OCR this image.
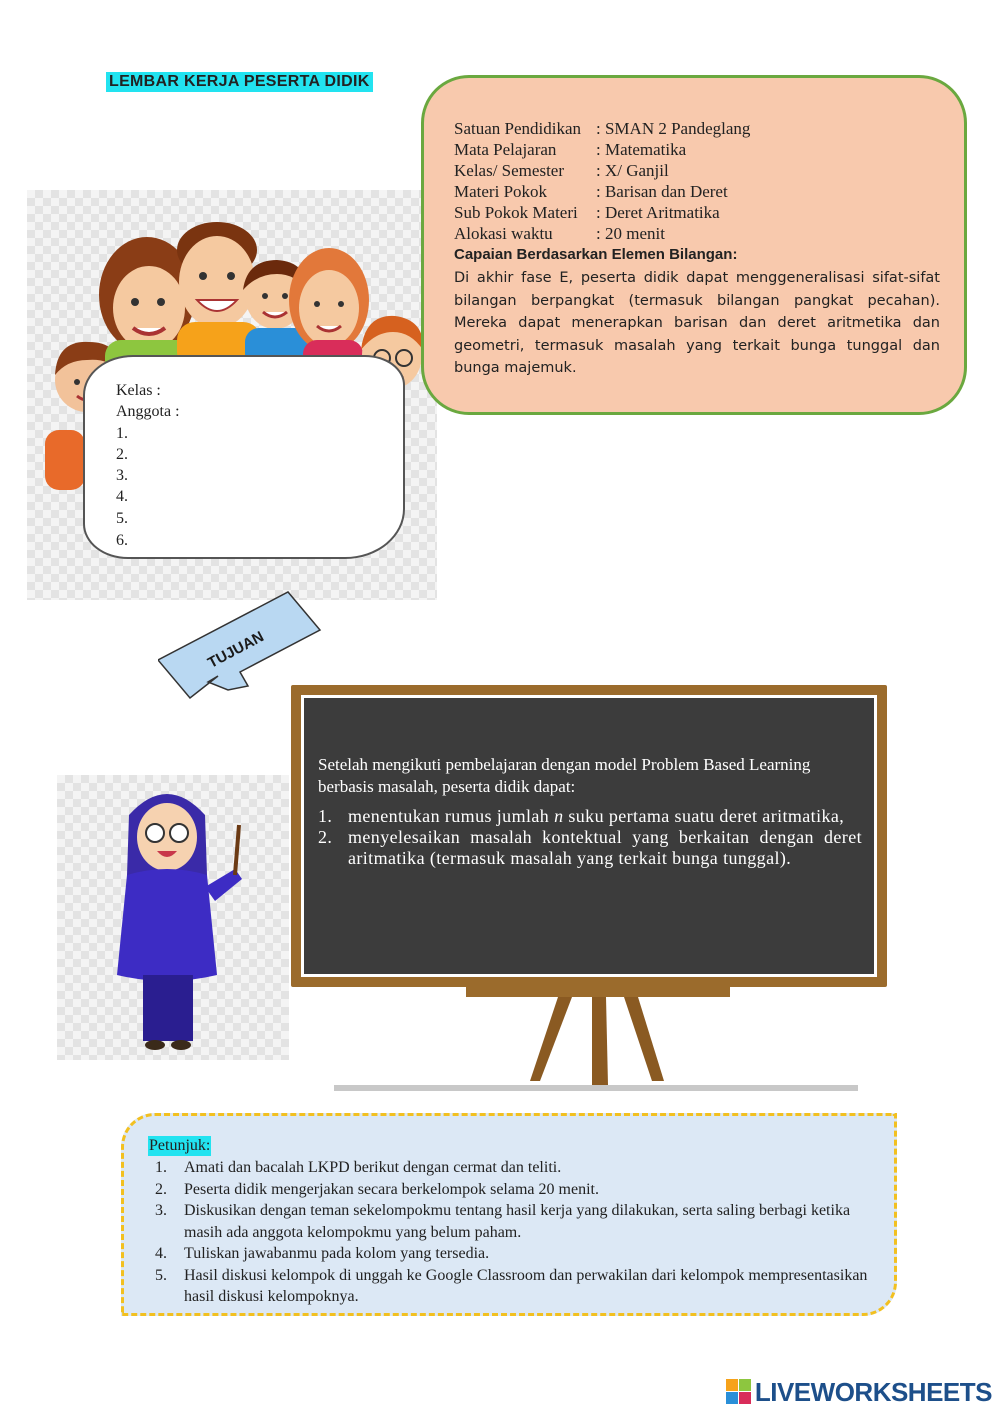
LEMBAR KERJA PESERTA DIDIK
Kelas :
Anggota :
1.
2.
3.
4.
5.
6.
Satuan Pendidikan : SMAN 2 Pandeglang
Mata Pelajaran : Matematika
Kelas/ Semester : X/ Ganjil
Materi Pokok	: Barisan dan Deret
Sub Pokok Materi : Deret Aritmatika
Alokasi waktu	: 20 menit
Capaian Berdasarkan Elemen Bilangan:
Di akhir fase E, peserta didik dapat menggeneralisasi sifat-sifat bilangan berpangkat (termasuk bilangan pangkat pecahan). Mereka dapat menerapkan barisan dan deret aritmetika dan geometri, termasuk masalah yang terkait bunga tunggal dan bunga majemuk.
TUJUAN

Setelah mengikuti pembelajaran dengan model Problem Based Learning berbasis masalah, peserta didik dapat:

1. menentukan rumus jumlah n suku pertama suatu deret aritmatika,
2. menyelesaikan masalah kontektual yang berkaitan dengan deret aritmatika (termasuk masalah yang terkait bunga tunggal).
Petunjuk:
1. Amati dan bacalah LKPD berikut dengan cermat dan teliti.
2. Peserta didik mengerjakan secara berkelompok selama 20 menit.
3. Diskusikan dengan teman sekelompokmu tentang hasil kerja yang dilakukan, serta saling berbagi ketika masih ada anggota kelompokmu yang belum paham.
4. Tuliskan jawabanmu pada kolom yang tersedia.
5. Hasil diskusi kelompok di unggah ke Google Classroom dan perwakilan dari kelompok mempresentasikan hasil diskusi kelompoknya.
LIVEWORKSHEETS
